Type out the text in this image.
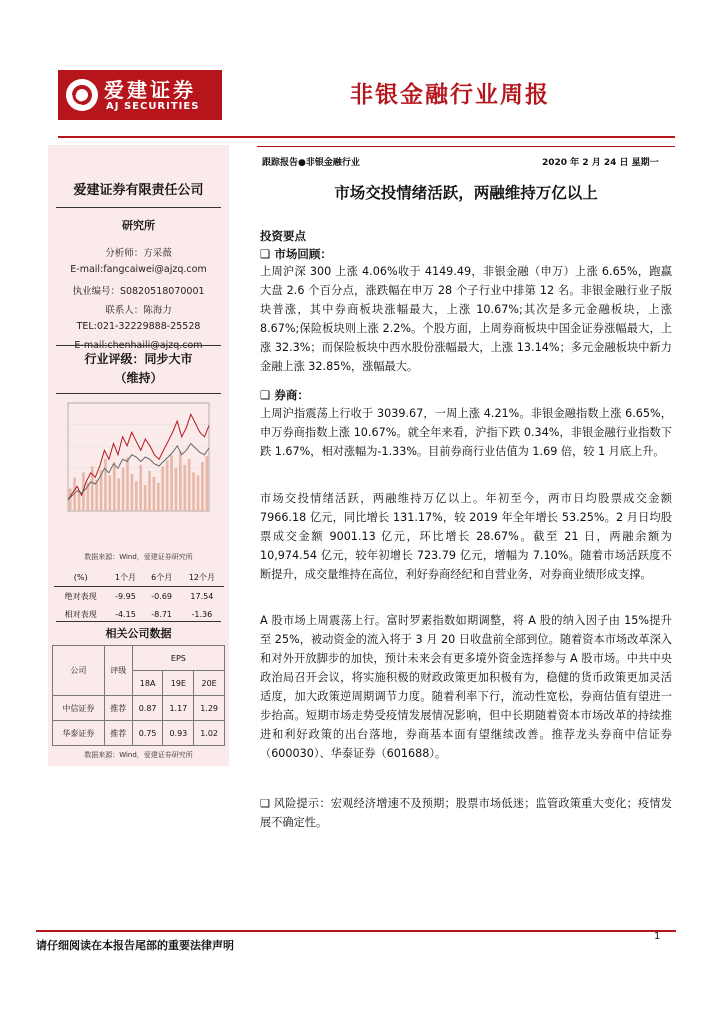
爱建证券
AJ SECURITIES	非银金融行业周报
爱建证券有限责任公司
研究所
分析师：方采薇
E-mail:fangcaiwei@ajzq.com
执业编号：S0820518070001
联系人：陈海力
TEL:021-32229888-25528
行业评级：同步大市
（维持）
数据来源：Wind，爱建证券研究所
(%)	1个月	6个月	12个月
绝对表现	-9.95	-0.69	17.54
相对表现	-4.15	-8.71	-1.36
相关公司数据
公司	评级	EPS		
		18A	19E	20E
中信证券	推荐	0.87	1.17	1.29
华泰证券	推荐	0.75	0.93	1.02
数据来源：Wind，爱建证券研究所
跟踪报告●非银金融行业	2020 年 2 月 24 日 星期一
市场交投情绪活跃，两融维持万亿以上
投资要点
❑ 市场回顾：
上周沪深 300 上涨 4.06%收于 4149.49，非银金融（申万）上涨 6.65%，跑赢大盘 2.6 个百分点，涨跌幅在申万 28 个子行业中排第 12 名。非银金融行业子版块普涨，其中券商板块涨幅最大，上涨 10.67%;其次是多元金融板块，上涨 8.67%;保险板块则上涨 2.2%。个股方面，上周券商板块中国金证券涨幅最大，上涨 32.3%；而保险板块中西水股份涨幅最大，上涨 13.14%；多元金融板块中新力金融上涨 32.85%，涨幅最大。
❑ 券商：
上周沪指震荡上行收于 3039.67，一周上涨 4.21%。非银金融指数上涨 6.65%，申万券商指数上涨 10.67%。就全年来看，沪指下跌 0.34%，非银金融行业指数下跌 1.67%，相对涨幅为-1.33%。目前券商行业估值为 1.69 倍，较 1 月底上升。
市场交投情绪活跃，两融维持万亿以上。年初至今，两市日均股票成交金额 7966.18 亿元，同比增长 131.17%，较 2019 年全年增长 53.25%。2 月日均股票成交金额 9001.13 亿元，环比增长 28.67%。截至 21 日，两融余额为 10,974.54 亿元，较年初增长 723.79 亿元，增幅为 7.10%。随着市场活跃度不断提升，成交量维持在高位，利好券商经纪和自营业务，对券商业绩形成支撑。
A 股市场上周震荡上行。富时罗素指数如期调整，将 A 股的纳入因子由 15%提升至 25%，被动资金的流入将于 3 月 20 日收盘前全部到位。随着资本市场改革深入和对外开放脚步的加快，预计未来会有更多境外资金选择参与 A 股市场。中共中央政治局召开会议，将实施积极的财政政策更加积极有为，稳健的货币政策更加灵活适度，加大政策逆周期调节力度。随着利率下行，流动性宽松，券商估值有望进一步抬高。短期市场走势受疫情发展情况影响，但中长期随着资本市场改革的持续推进和利好政策的出台落地，券商基本面有望继续改善。推荐龙头券商中信证券（600030）、华泰证券（601688）。
❑ 风险提示：宏观经济增速不及预期；股票市场低迷；监管政策重大变化；疫情发展不确定性。
请仔细阅读在本报告尾部的重要法律声明
1
